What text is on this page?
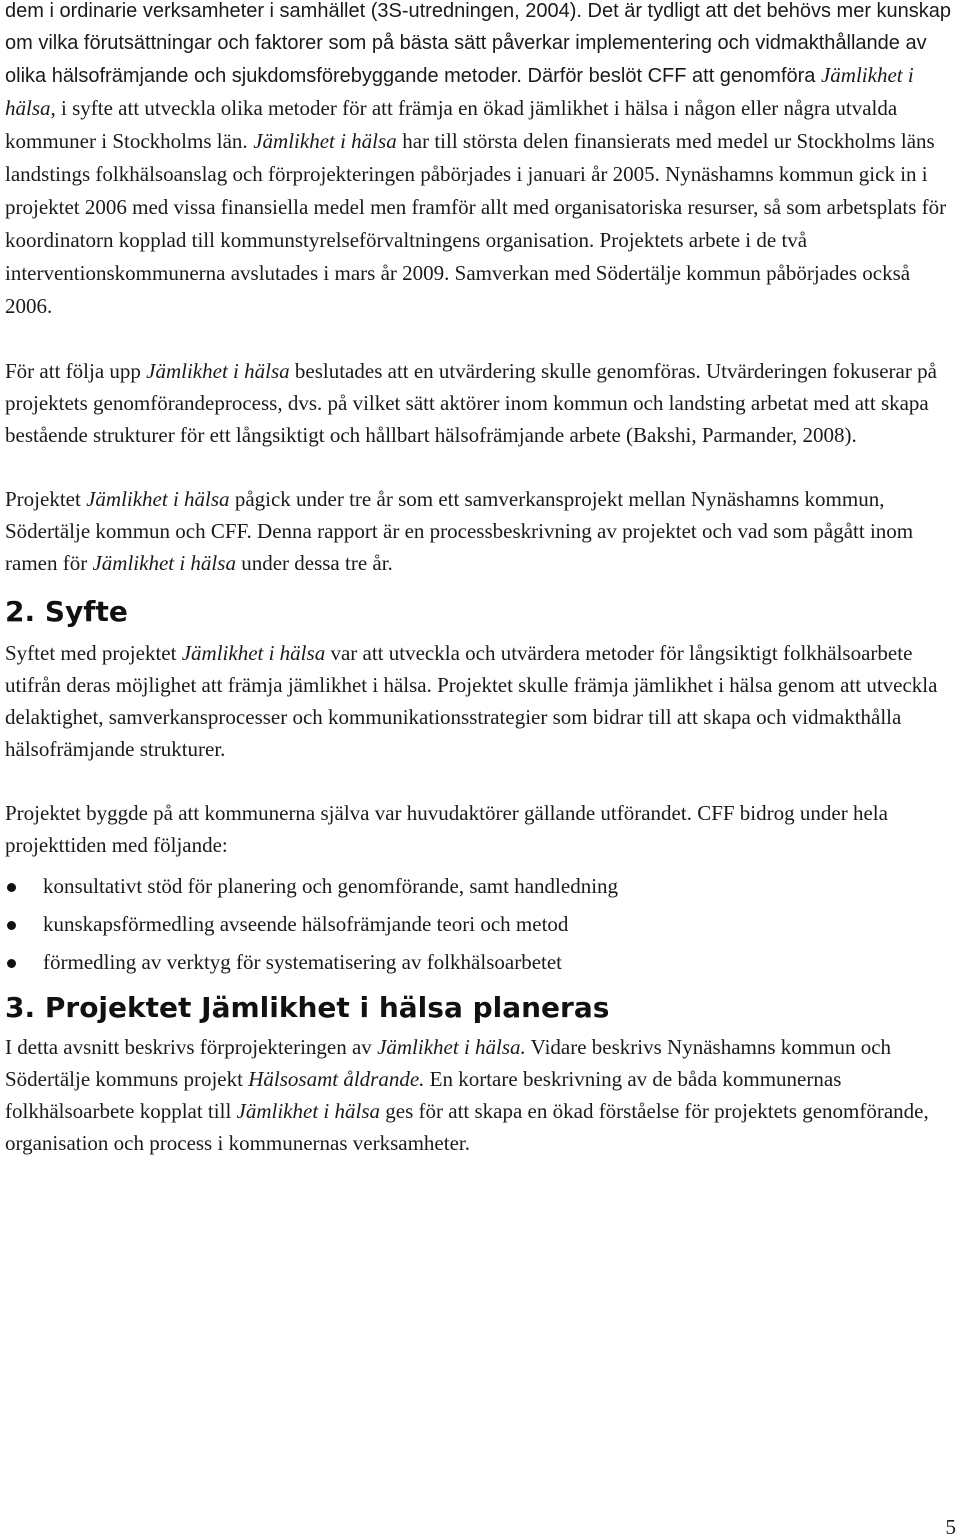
dem i ordinarie verksamheter i samhället (3S-utredningen, 2004). Det är tydligt att det behövs mer kunskap om vilka förutsättningar och faktorer som på bästa sätt påverkar implementering och vidmakthållande av olika hälsofrämjande och sjukdomsförebyggande metoder. Därför beslöt CFF att genomföra Jämlikhet i hälsa, i syfte att utveckla olika metoder för att främja en ökad jämlikhet i hälsa i någon eller några utvalda kommuner i Stockholms län. Jämlikhet i hälsa har till största delen finansierats med medel ur Stockholms läns landstings folkhälsoanslag och förprojekteringen påbörjades i januari år 2005. Nynäshamns kommun gick in i projektet 2006 med vissa finansiella medel men framför allt med organisatoriska resurser, så som arbetsplats för koordinatorn kopplad till kommunstyrelseförvaltningens organisation. Projektets arbete i de två interventionskommunerna avslutades i mars år 2009. Samverkan med Södertälje kommun påbörjades också 2006.

För att följa upp Jämlikhet i hälsa beslutades att en utvärdering skulle genomföras. Utvärderingen fokuserar på projektets genomförandeprocess, dvs. på vilket sätt aktörer inom kommun och landsting arbetat med att skapa bestående strukturer för ett långsiktigt och hållbart hälsofrämjande arbete (Bakshi, Parmander, 2008).

Projektet Jämlikhet i hälsa pågick under tre år som ett samverkansprojekt mellan Nynäshamns kommun, Södertälje kommun och CFF. Denna rapport är en processbeskrivning av projektet och vad som pågått inom ramen för Jämlikhet i hälsa under dessa tre år.

2. Syfte

Syftet med projektet Jämlikhet i hälsa var att utveckla och utvärdera metoder för långsiktigt folkhälsoarbete utifrån deras möjlighet att främja jämlikhet i hälsa. Projektet skulle främja jämlikhet i hälsa genom att utveckla delaktighet, samverkansprocesser och kommunikationsstrategier som bidrar till att skapa och vidmakthålla hälsofrämjande strukturer.

Projektet byggde på att kommunerna själva var huvudaktörer gällande utförandet. CFF bidrog under hela projekttiden med följande:

konsultativt stöd för planering och genomförande, samt handledning
kunskapsförmedling avseende hälsofrämjande teori och metod
förmedling av verktyg för systematisering av folkhälsoarbetet
3. Projektet Jämlikhet i hälsa planeras

I detta avsnitt beskrivs förprojekteringen av Jämlikhet i hälsa. Vidare beskrivs Nynäshamns kommun och Södertälje kommuns projekt Hälsosamt åldrande. En kortare beskrivning av de båda kommunernas folkhälsoarbete kopplat till Jämlikhet i hälsa ges för att skapa en ökad förståelse för projektets genomförande, organisation och process i kommunernas verksamheter.

5
